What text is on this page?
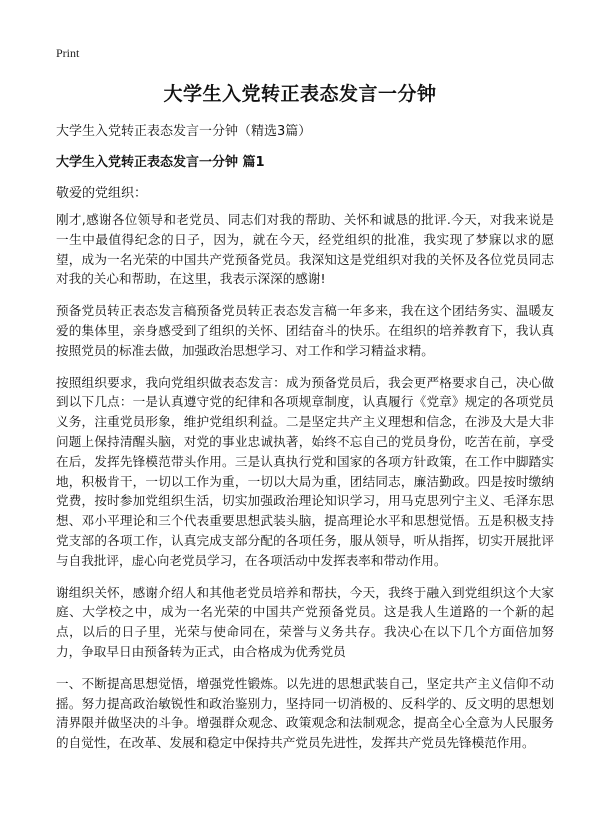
Print
大学生入党转正表态发言一分钟

大学生入党转正表态发言一分钟（精选3篇）

大学生入党转正表态发言一分钟 篇1

敬爱的党组织：

刚才,感谢各位领导和老党员、同志们对我的帮助、关怀和诚恳的批评.今天，对我来说是一生中最值得纪念的日子，因为，就在今天，经党组织的批准，我实现了梦寐以求的愿望，成为一名光荣的中国共产党预备党员。我深知这是党组织对我的关怀及各位党员同志对我的关心和帮助，在这里，我表示深深的感谢!

预备党员转正表态发言稿预备党员转正表态发言稿一年多来，我在这个团结务实、温暖友爱的集体里，亲身感受到了组织的关怀、团结奋斗的快乐。在组织的培养教育下，我认真按照党员的标准去做，加强政治思想学习、对工作和学习精益求精。

按照组织要求，我向党组织做表态发言：成为预备党员后，我会更严格要求自己，决心做到以下几点：一是认真遵守党的纪律和各项规章制度，认真履行《党章》规定的各项党员义务，注重党员形象，维护党组织利益。二是坚定共产主义理想和信念，在涉及大是大非问题上保持清醒头脑，对党的事业忠诚执著，始终不忘自己的党员身份，吃苦在前，享受在后，发挥先锋模范带头作用。三是认真执行党和国家的各项方针政策，在工作中脚踏实地，积极肯干，一切以工作为重，一切以大局为重，团结同志，廉洁勤政。四是按时缴纳党费，按时参加党组织生活，切实加强政治理论知识学习，用马克思列宁主义、毛泽东思想、邓小平理论和三个代表重要思想武装头脑，提高理论水平和思想觉悟。五是积极支持党支部的各项工作，认真完成支部分配的各项任务，服从领导，听从指挥，切实开展批评与自我批评，虚心向老党员学习，在各项活动中发挥表率和带动作用。

谢组织关怀，感谢介绍人和其他老党员培养和帮扶，今天，我终于融入到党组织这个大家庭、大学校之中，成为一名光荣的中国共产党预备党员。这是我人生道路的一个新的起点，以后的日子里，光荣与使命同在，荣誉与义务共存。我决心在以下几个方面倍加努力，争取早日由预备转为正式，由合格成为优秀党员

一、不断提高思想觉悟，增强党性锻炼。以先进的思想武装自己，坚定共产主义信仰不动摇。努力提高政治敏锐性和政治鉴别力，坚持同一切消极的、反科学的、反文明的思想划清界限并做坚决的斗争。增强群众观念、政策观念和法制观念，提高全心全意为人民服务的自觉性，在改革、发展和稳定中保持共产党员先进性，发挥共产党员先锋模范作用。
